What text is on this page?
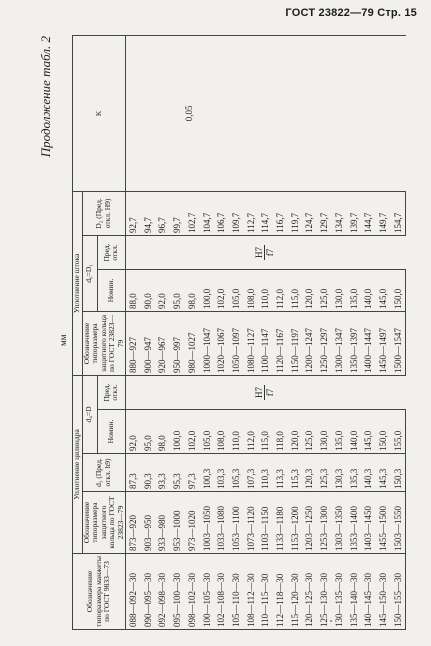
ГОСТ 23822—79 Стр. 15
Продолжение табл. 2
мм
Обозначение типоразмера манжеты по ГОСТ 9833—73	Уплотнение цилиндра				Уплотнение штока				K
	Обозначение типоразмера защитного кольца по ГОСТ 23823—79	d₃ (Пред. откл. h9)	d₄=D		Обозначение типоразмера защитного кольца по ГОСТ 23823—79	d₆=D₁		D₂ (Пред. откл. H9)	
			Номин.	Пред. откл.		Номин.	Пред. откл.		
088—092—30	873—920	87,3	92,0	H7 f7	880—927	88,0	H7 f7	92,7	0,05
090—095—30	903—950	90,3	95,0		900—947	90,0		94,7	
092—098—30	933—980	93,3	98,0		920—967	92,0		96,7	
095—100—30	953—1000	95,3	100,0		950—997	95,0		99,7	
098—102—30	973—1020	97,3	102,0		980—1027	98,0		102,7	
100—105—30	1003—1050	100,3	105,0		1000—1047	100,0		104,7	
102—108—30	1033—1080	103,3	108,0		1020—1067	102,0		106,7	
105—110—30	1053—1100	105,3	110,0		1050—1097	105,0		109,7	
108—112—30	1073—1120	107,3	112,0		1080—1127	108,0		112,7	
110—115—30	1103—1150	110,3	115,0		1100—1147	110,0		114,7	
112—118—30	1133—1180	113,3	118,0		1120—1167	112,0		116,7	
115—120—30	1153—1200	115,3	120,0		1150—1197	115,0		119,7	
120—125—30	1203—1250	120,3	125,0		1200—1247	120,0		124,7	
125—130—30	1253—1300	125,3	130,0		1250—1297	125,0		129,7	
130—135—30	1303—1350	130,3	135,0		1300—1347	130,0		134,7	
135—140—30	1353—1400	135,3	140,0		1350—1397	135,0		139,7	
140—145—30	1403—1450	140,3	145,0		1400—1447	140,0		144,7	
145—150—30	1455—1500	145,3	150,0		1450—1497	145,0		149,7	
150—155—30	1503—1550	150,3	155,0		1500—1547	150,0		154,7	
